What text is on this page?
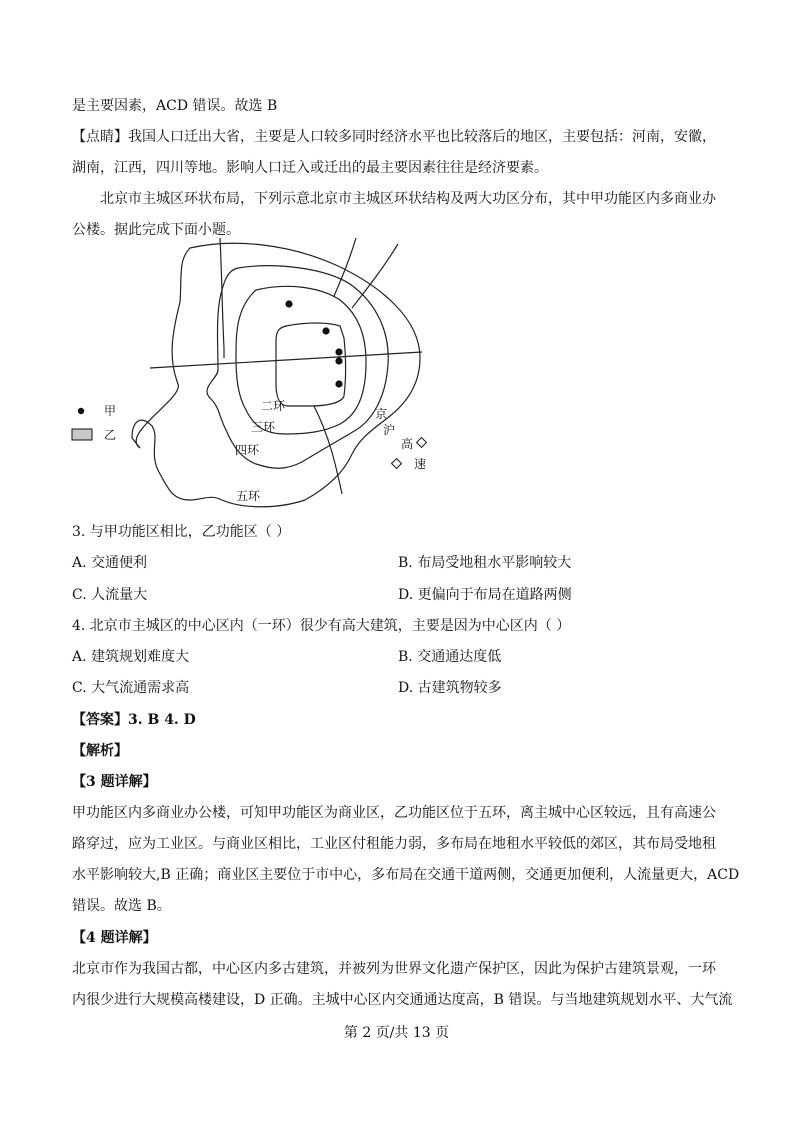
是主要因素，ACD 错误。故选 B
【点睛】我国人口迁出大省，主要是人口较多同时经济水平也比较落后的地区，主要包括：河南，安徽，
湖南，江西，四川等地。影响人口迁入或迁出的最主要因素往往是经济要素。
北京市主城区环状布局，下列示意北京市主城区环状结构及两大功区分布，其中甲功能区内多商业办
公楼。据此完成下面小题。
二环
三环
四环
五环
京
沪
高
速
甲
乙
3. 与甲功能区相比，乙功能区（ ）
A. 交通便利	B. 布局受地租水平影响较大
C. 人流量大	D. 更偏向于布局在道路两侧
4. 北京市主城区的中心区内（一环）很少有高大建筑，主要是因为中心区内（ ）
A. 建筑规划难度大	B. 交通通达度低
C. 大气流通需求高	D. 古建筑物较多
【答案】3. B 4. D
【解析】
【3 题详解】
甲功能区内多商业办公楼，可知甲功能区为商业区，乙功能区位于五环，离主城中心区较远，且有高速公
路穿过，应为工业区。与商业区相比，工业区付租能力弱，多布局在地租水平较低的郊区，其布局受地租
水平影响较大,B 正确；商业区主要位于市中心，多布局在交通干道两侧，交通更加便利，人流量更大，ACD
错误。故选 B。
【4 题详解】
北京市作为我国古都，中心区内多古建筑，并被列为世界文化遗产保护区，因此为保护古建筑景观，一环
内很少进行大规模高楼建设，D 正确。主城中心区内交通通达度高，B 错误。与当地建筑规划水平、大气流
第 2 页/共 13 页
